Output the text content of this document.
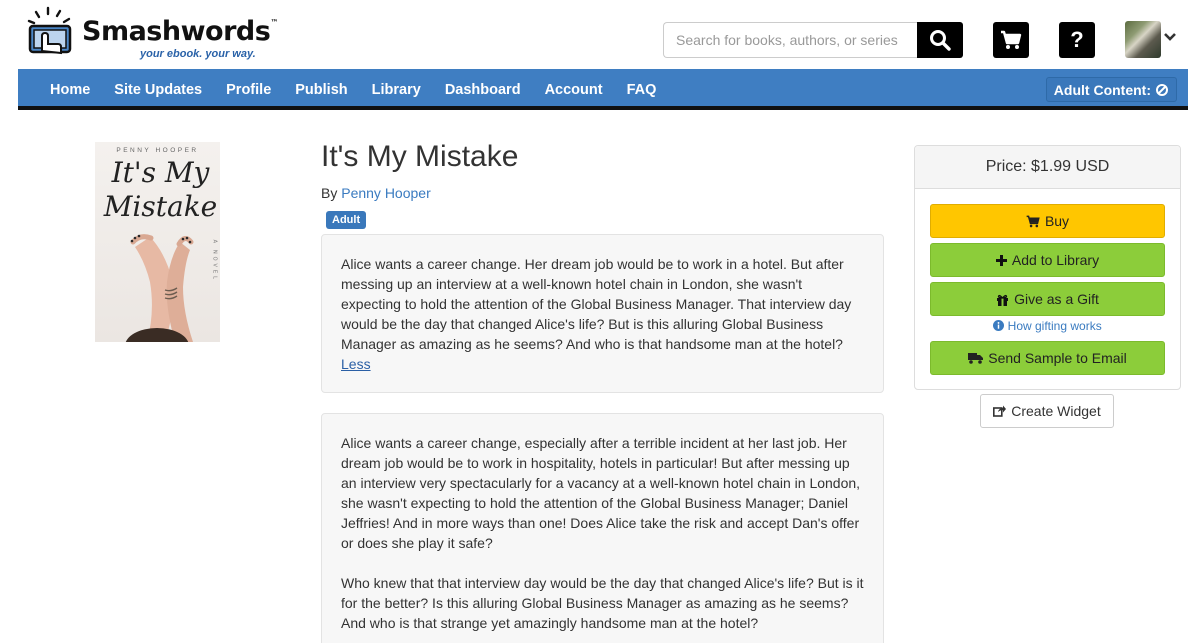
Smashwords™
your ebook. your way.
Search for books, authors, or series
?
Home	Site Updates	Profile	Publish	Library	Dashboard	Account	FAQ	Adult Content:
PENNY HOOPER
It's My Mistake
A NOVEL
It's My Mistake
By Penny Hooper
Adult
Alice wants a career change. Her dream job would be to work in a hotel. But after messing up an interview at a well-known hotel chain in London, she wasn't expecting to hold the attention of the Global Business Manager. That interview day would be the day that changed Alice's life? But is this alluring Global Business Manager as amazing as he seems? And who is that handsome man at the hotel?
Less

Alice wants a career change, especially after a terrible incident at her last job. Her dream job would be to work in hospitality, hotels in particular! But after messing up an interview very spectacularly for a vacancy at a well-known hotel chain in London, she wasn't expecting to hold the attention of the Global Business Manager; Daniel Jeffries! And in more ways than one! Does Alice take the risk and accept Dan's offer or does she play it safe?

Who knew that that interview day would be the day that changed Alice's life? But is it for the better? Is this alluring Global Business Manager as amazing as he seems? And who is that strange yet amazingly handsome man at the hotel?

Price: $1.99 USD
Buy
Add to Library
Give as a Gift
How gifting works
Send Sample to Email
Create Widget
